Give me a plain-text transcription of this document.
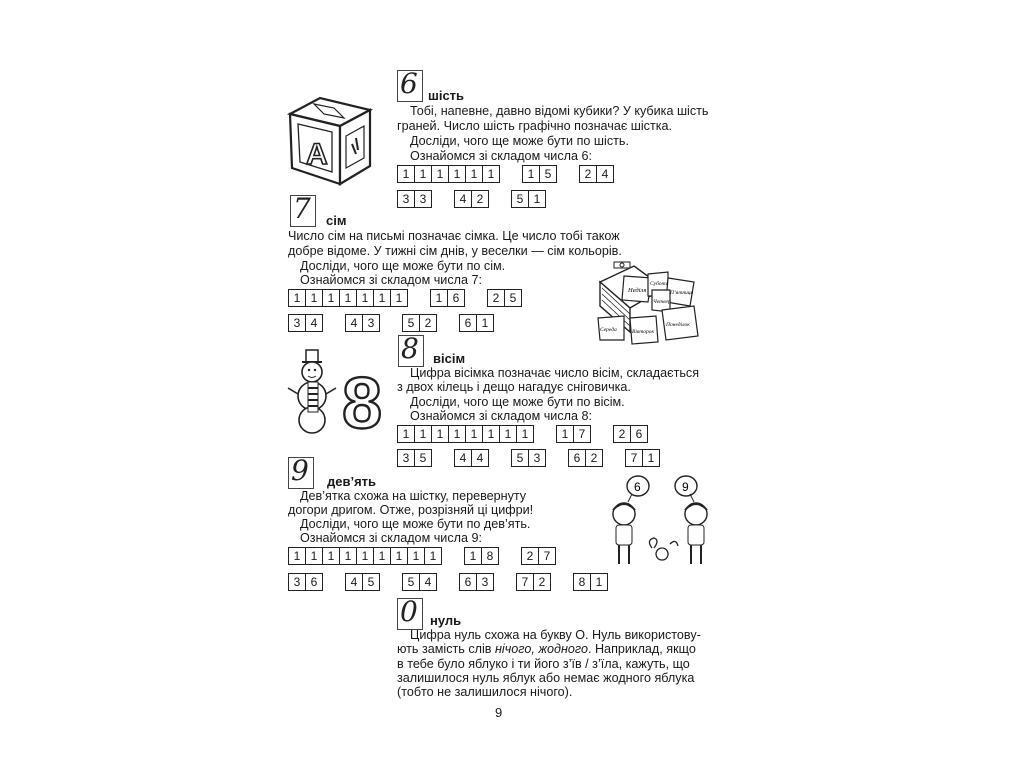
6 шість
Тобі, напевне, давно відомі кубики? У кубика шість
граней. Число шість графічно позначає шістка.
Досліди, чого ще може бути по шість.
Ознайомся зі складом числа 6:
1 1 1 1 1 1	1 5	2 4
3 3	4 2	5 1
A
7 сім
Число сім на письмі позначає сімка. Це число тобі також
добре відоме. У тижні сім днів, у веселки — сім кольорів.
Досліди, чого ще може бути по сім.
Ознайомся зі складом числа 7:
1 1 1 1 1 1 1	1 6	2 5
3 4	4 3	5 2	6 1
Неділя
Субота
П’ятниця
Четвер
Середа	Вівторок
Понеділок
8 вісім
Цифра вісімка позначає число вісім, складається
з двох кілець і дещо нагадує сніговичка.
Досліди, чого ще може бути по вісім.
Ознайомся зі складом числа 8:
1 1 1 1 1 1 1 1	1 7	2 6
3 5	4 4	5 3	6 2	7 1
8
9 дев’ять
Дев’ятка схожа на шістку, перевернуту
догори дригом. Отже, розрізняй ці цифри!
Досліди, чого ще може бути по дев’ять.
Ознайомся зі складом числа 9:
1 1 1 1 1 1 1 1 1	1 8	2 7
3 6	4 5	5 4	6 3	7 2	8 1
6	9
0 нуль
Цифра нуль схожа на букву О. Нуль використову-
ють замість слів нічого, жодного. Наприклад, якщо
в тебе було яблуко і ти його з’їв / з’їла, кажуть, що
залишилося нуль яблук або немає жодного яблука
(тобто не залишилося нічого).
9
